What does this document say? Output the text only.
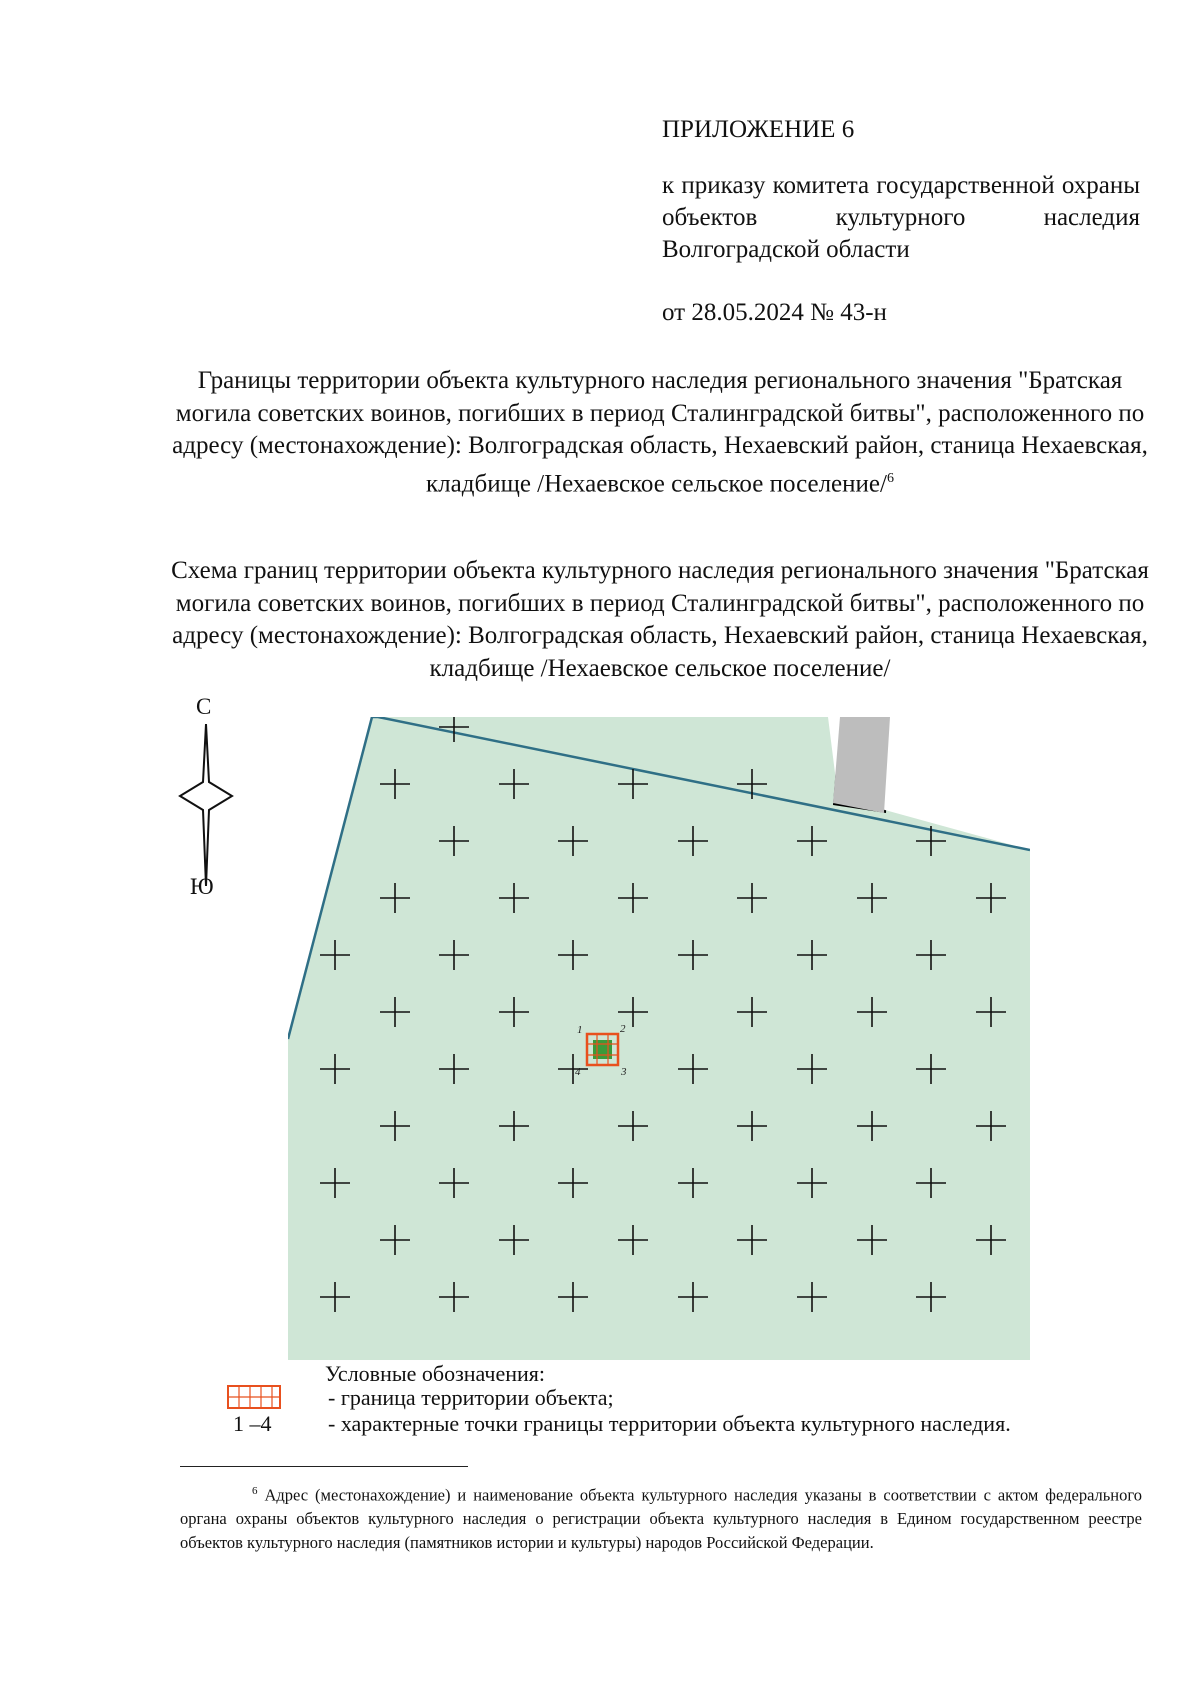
ПРИЛОЖЕНИЕ 6
к приказу комитета государственной охраны объектов культурного наследия Волгоградской области
от 28.05.2024 № 43-н
Границы территории объекта культурного наследия регионального значения "Братская могила советских воинов, погибших в период Сталинградской битвы", расположенного по адресу (местонахождение): Волгоградская область, Нехаевский район, станица Нехаевская, кладбище /Нехаевское сельское поселение/$^6$
Схема границ территории объекта культурного наследия регионального значения "Братская могила советских воинов, погибших в период Сталинградской битвы", расположенного по адресу (местонахождение): Волгоградская область, Нехаевский район, станица Нехаевская, кладбище /Нехаевское сельское поселение/
С
Ю
1	2
3
4
Условные обозначения:
- граница территории объекта;
1 –4	- характерные точки границы территории объекта культурного наследия.
$^6$ Адрес (местонахождение) и наименование объекта культурного наследия указаны в соответствии с актом федерального органа охраны объектов культурного наследия о регистрации объекта культурного наследия в Едином государственном реестре объектов культурного наследия (памятников истории и культуры) народов Российской Федерации.
